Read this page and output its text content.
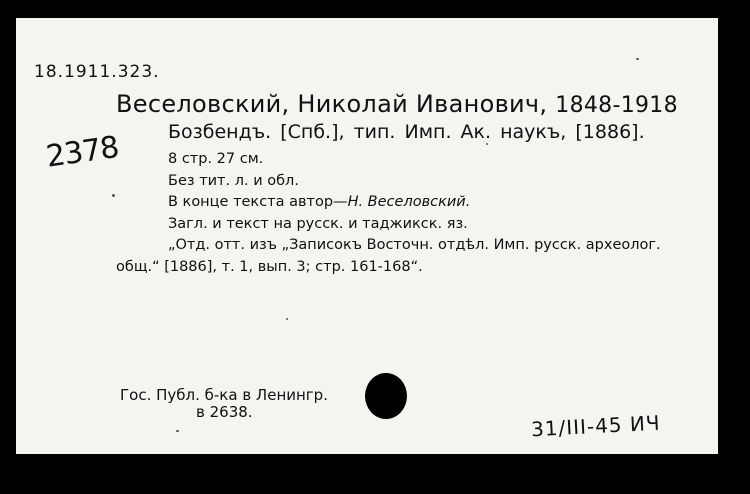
18.1911.323.
2378
Веселовский, Николай Иванович, 1848-1918
Бозбендъ. [Спб.], тип. Имп. Ак. наукъ, [1886].
8 стр. 27 см.
Без тит. л. и обл.
В конце текста автор—Н. Веселовский.
Загл. и текст на русск. и таджикск. яз.
„Отд. отт. изъ „Записокъ Восточн. отдѣл. Имп. русск. археолог.
общ.“ [1886], т. 1, вып. 3; стр. 161-168“.
Гос. Публ. б-ка в Ленингр.
в 2638.	31/III-45 ИЧ
